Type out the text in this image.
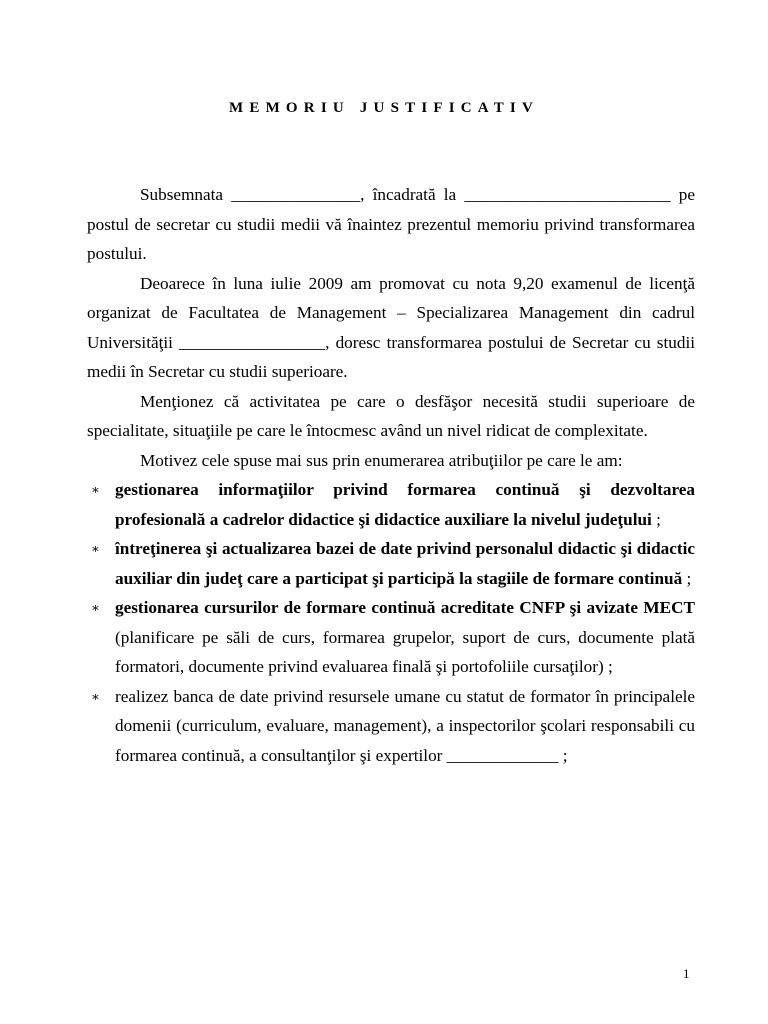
MEMORIU JUSTIFICATIV

Subsemnata _______________, încadrată la ________________________ pe postul de secretar cu studii medii vă înaintez prezentul memoriu privind transformarea postului.

Deoarece în luna iulie 2009 am promovat cu nota 9,20 examenul de licenţă organizat de Facultatea de Management – Specializarea Management din cadrul Universităţii _________________, doresc transformarea postului de Secretar cu studii medii în Secretar cu studii superioare.

Menţionez că activitatea pe care o desfăşor necesită studii superioare de specialitate, situaţiile pe care le întocmesc având un nivel ridicat de complexitate.

Motivez cele spuse mai sus prin enumerarea atribuţiilor pe care le am:

∗ gestionarea informaţiilor privind formarea continuă şi dezvoltarea profesională a cadrelor didactice şi didactice auxiliare la nivelul judeţului ;
∗ întreţinerea şi actualizarea bazei de date privind personalul didactic şi didactic auxiliar din judeţ care a participat şi participă la stagiile de formare continuă ;
∗ gestionarea cursurilor de formare continuă acreditate CNFP şi avizate MECT (planificare pe săli de curs, formarea grupelor, suport de curs, documente plată formatori, documente privind evaluarea finală şi portofoliile cursaţilor) ;
∗ realizez banca de date privind resursele umane cu statut de formator în principalele domenii (curriculum, evaluare, management), a inspectorilor şcolari responsabili cu formarea continuă, a consultanţilor şi expertilor _____________ ;
1
